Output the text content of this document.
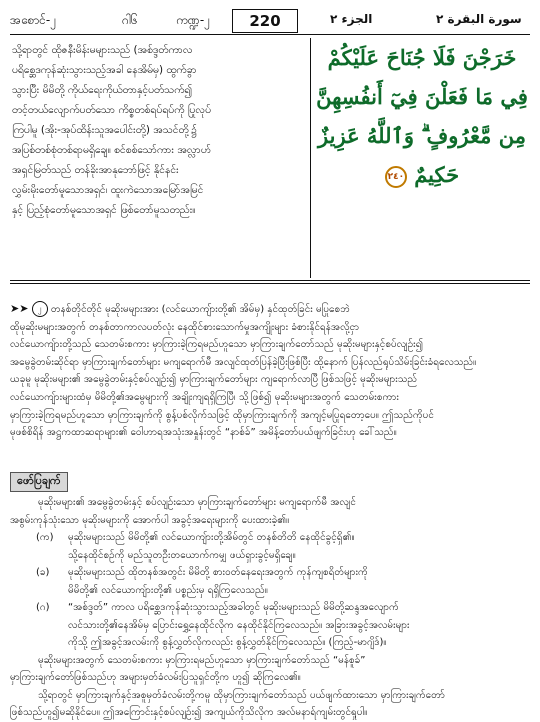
အစောင်-၂	ဂါ၆	ကဏ္ဍ-၂	220	الجزء ٢	سورة البقرة ٢

သို့ရာတွင် ထိုဇနီးမိန်းမများသည် (အစ်ဒ္ဒတ်ကာလ

ပရိစ္ဆေဒကုန်ဆုံးသွားသည့်အခါ နေအိမ်မှ) ထွက်ခွာ

သွားပြီး မိမိတို့ ကိုယ်ရေးကိုယ်တာနှင့်ပတ်သက်၍

တင့်တယ်လျောက်ပတ်သော ကိစ္စတစ်ရပ်ရပ်ကို ပြုလုပ်

ကြပါမူ (အိုး-အုပ်ထိန်းသူအပေါင်းတို့) အသင်တို့၌

အပြစ်တစ်စုံတစ်ရာမရှိချေ။ စင်စစ်သော်ကား အလ္လာဟ်

အရှင်မြတ်သည် တန်ခိုးအာနုဘော်ဖြင့် နိုင်နင်း

လွှမ်းမိုးတော်မူသောအရှင်၊ ထူးကဲသောအမြော်အမြင်

နှင့် ပြည့်စုံတော်မူသောအရှင် ဖြစ်တော်မူသတည်း။

خَرَجْنَ فَلَا جُنَاحَ عَلَيْكُمْ
فِي مَا فَعَلْنَ فِيٓ أَنفُسِهِنَّ
مِن مَّعْرُوفٍ ۗ وَٱللَّهُ عَزِيزٌ
حَكِيمٌ ٢٤٠

➤➤ ၂ တနစ်တိုင်တိုင် မုဆိုးမများအား (လင်ယောကျ်ားတို့၏ အိမ်မှ) နှင်ထုတ်ခြင်း မပြုစေဘဲ

ထိုမုဆိုးမများအတွက် တနစ်တာကာလပတ်လုံး နေထိုင်စားသောက်မှုအကျိုးများ ခံစားနိုင်ရန်အလို့ငှာ

လင်ယောကျ်ားတို့သည် သေတမ်းစကား မှာကြားခဲ့ကြရမည်ဟူသော မှာကြားချက်တော်သည် မုဆိုးမများနှင့်စပ်လျဉ်း၍

အမွေခွဲတမ်းဆိုင်ရာ မှာကြားချက်တော်များ မကျရောက်မီ အလျင်ထုတ်ပြန်ခဲ့ပြီးဖြစ်ပြီး ထို့နောက် ပြန်လည်ရုပ်သိမ်းခြင်းခံရလေသည်။

ယခုမူ မုဆိုးမများ၏ အမွေခွဲတမ်းနှင့်စပ်လျဉ်း၍ မှာကြားချက်တော်များ ကျရောက်လာပြီ ဖြစ်သဖြင့် မုဆိုးမများသည်

လင်ယောကျ်ားများထံမှ မိမိတို့၏အမွေများကို အချိုးကျရရှိကြပြီ၊ သို့ဖြစ်၍ မုဆိုးမများအတွက် သေတမ်းစကား

မှာကြားခဲ့ကြရမည်ဟူသော မှာကြားချက်ကို စွန့်ပစ်လိုက်သဖြင့် ထိုမှာကြားချက်ကို အကျင့်မပြုရတော့ပေ။ ဤသည်ကိုပင်

မုဖစ်စိရိန် အဋ္ဌကထာဆရာများ၏ ဝေါဟာရအသုံးအနှုန်းတွင် “နာစ်ခ်” အမိန့်တော်ပယ်ဖျက်ခြင်းဟု ခေါ်သည်။

ဖော်ပြချက်

မုဆိုးမများ၏ အမွေခွဲတမ်းနှင့် စပ်လျဉ်းသော မှာကြားချက်တော်များ မကျရောက်မီ အလျင်

အစွမ်းကုန်သုံးသော မုဆိုးမများကို အောက်ပါ အခွင့်အရေးများကို ပေးထားခဲ့၏။

(က) မုဆိုးမများသည် မိမိတို့၏ လင်ယောကျ်ားတို့အိမ်တွင် တနစ်တိတိ နေထိုင်ခွင့်ရှိ၏။

သို့နေထိုင်စဉ်ကို မည်သူတဦးတယောက်ကမျှ ဖယ်ရှားခွင့်မရှိချေ။

(ခ) မုဆိုးမများသည် ထိုတနစ်အတွင်း မိမိတို့ စားဝတ်နေရေးအတွက် ကုန်ကျစရိတ်များကို

မိမိတို့၏ လင်ယောကျ်ားတို့၏ ပစ္စည်းမှ ရရှိကြလေသည်။

(ဂ) “အစ်ဒ္ဒတ်” ကာလ ပရိစ္ဆေဒကုန်ဆုံးသွားသည့်အခါတွင် မုဆိုးမများသည် မိမိတို့ဆန္ဒအလျောက်

လင်သားတို့၏နေအိမ်မှ ပြောင်းရွှေ့နေထိုင်လိုက နေထိုင်နိုင်ကြလေသည်။ အခြားအခွင့်အလမ်းများ

ကိုသို့ ဤအခွင့်အလမ်းကို စွန့်လွှတ်လိုကလည်း စွန့်လွှတ်နိုင်ကြလေသည်။ (ကြည့်-မာဂျိဒ်)။

မုဆိုးမများအတွက် သေတမ်းစကား မှာကြားရမည်ဟူသော မှာကြားချက်တော်သည် “မန်စူခ်”

မှာကြားချက်တော်ဖြစ်သည်ဟု အများမှတ်ခံလမ်းပြသူရှင်တို့က ဟူ၍ ဆိုကြလေ၏။

သို့ရာတွင် မှာကြားချက်နှင့်အစူမှတ်ခံလမ်းတို့ကမူ ထိုမှာကြားချက်တော်သည် ပယ်ဖျက်ထားသော မှာကြားချက်တော်

ဖြစ်သည်ဟူ၍မဆိုနိုင်ပေ။ ဤအကြောင်းနှင့်စပ်လျဉ်း၍ အကျယ်ကိုသိလိုက အလ်မနာရ်ကျမ်းတွင်ရှုပါ။
